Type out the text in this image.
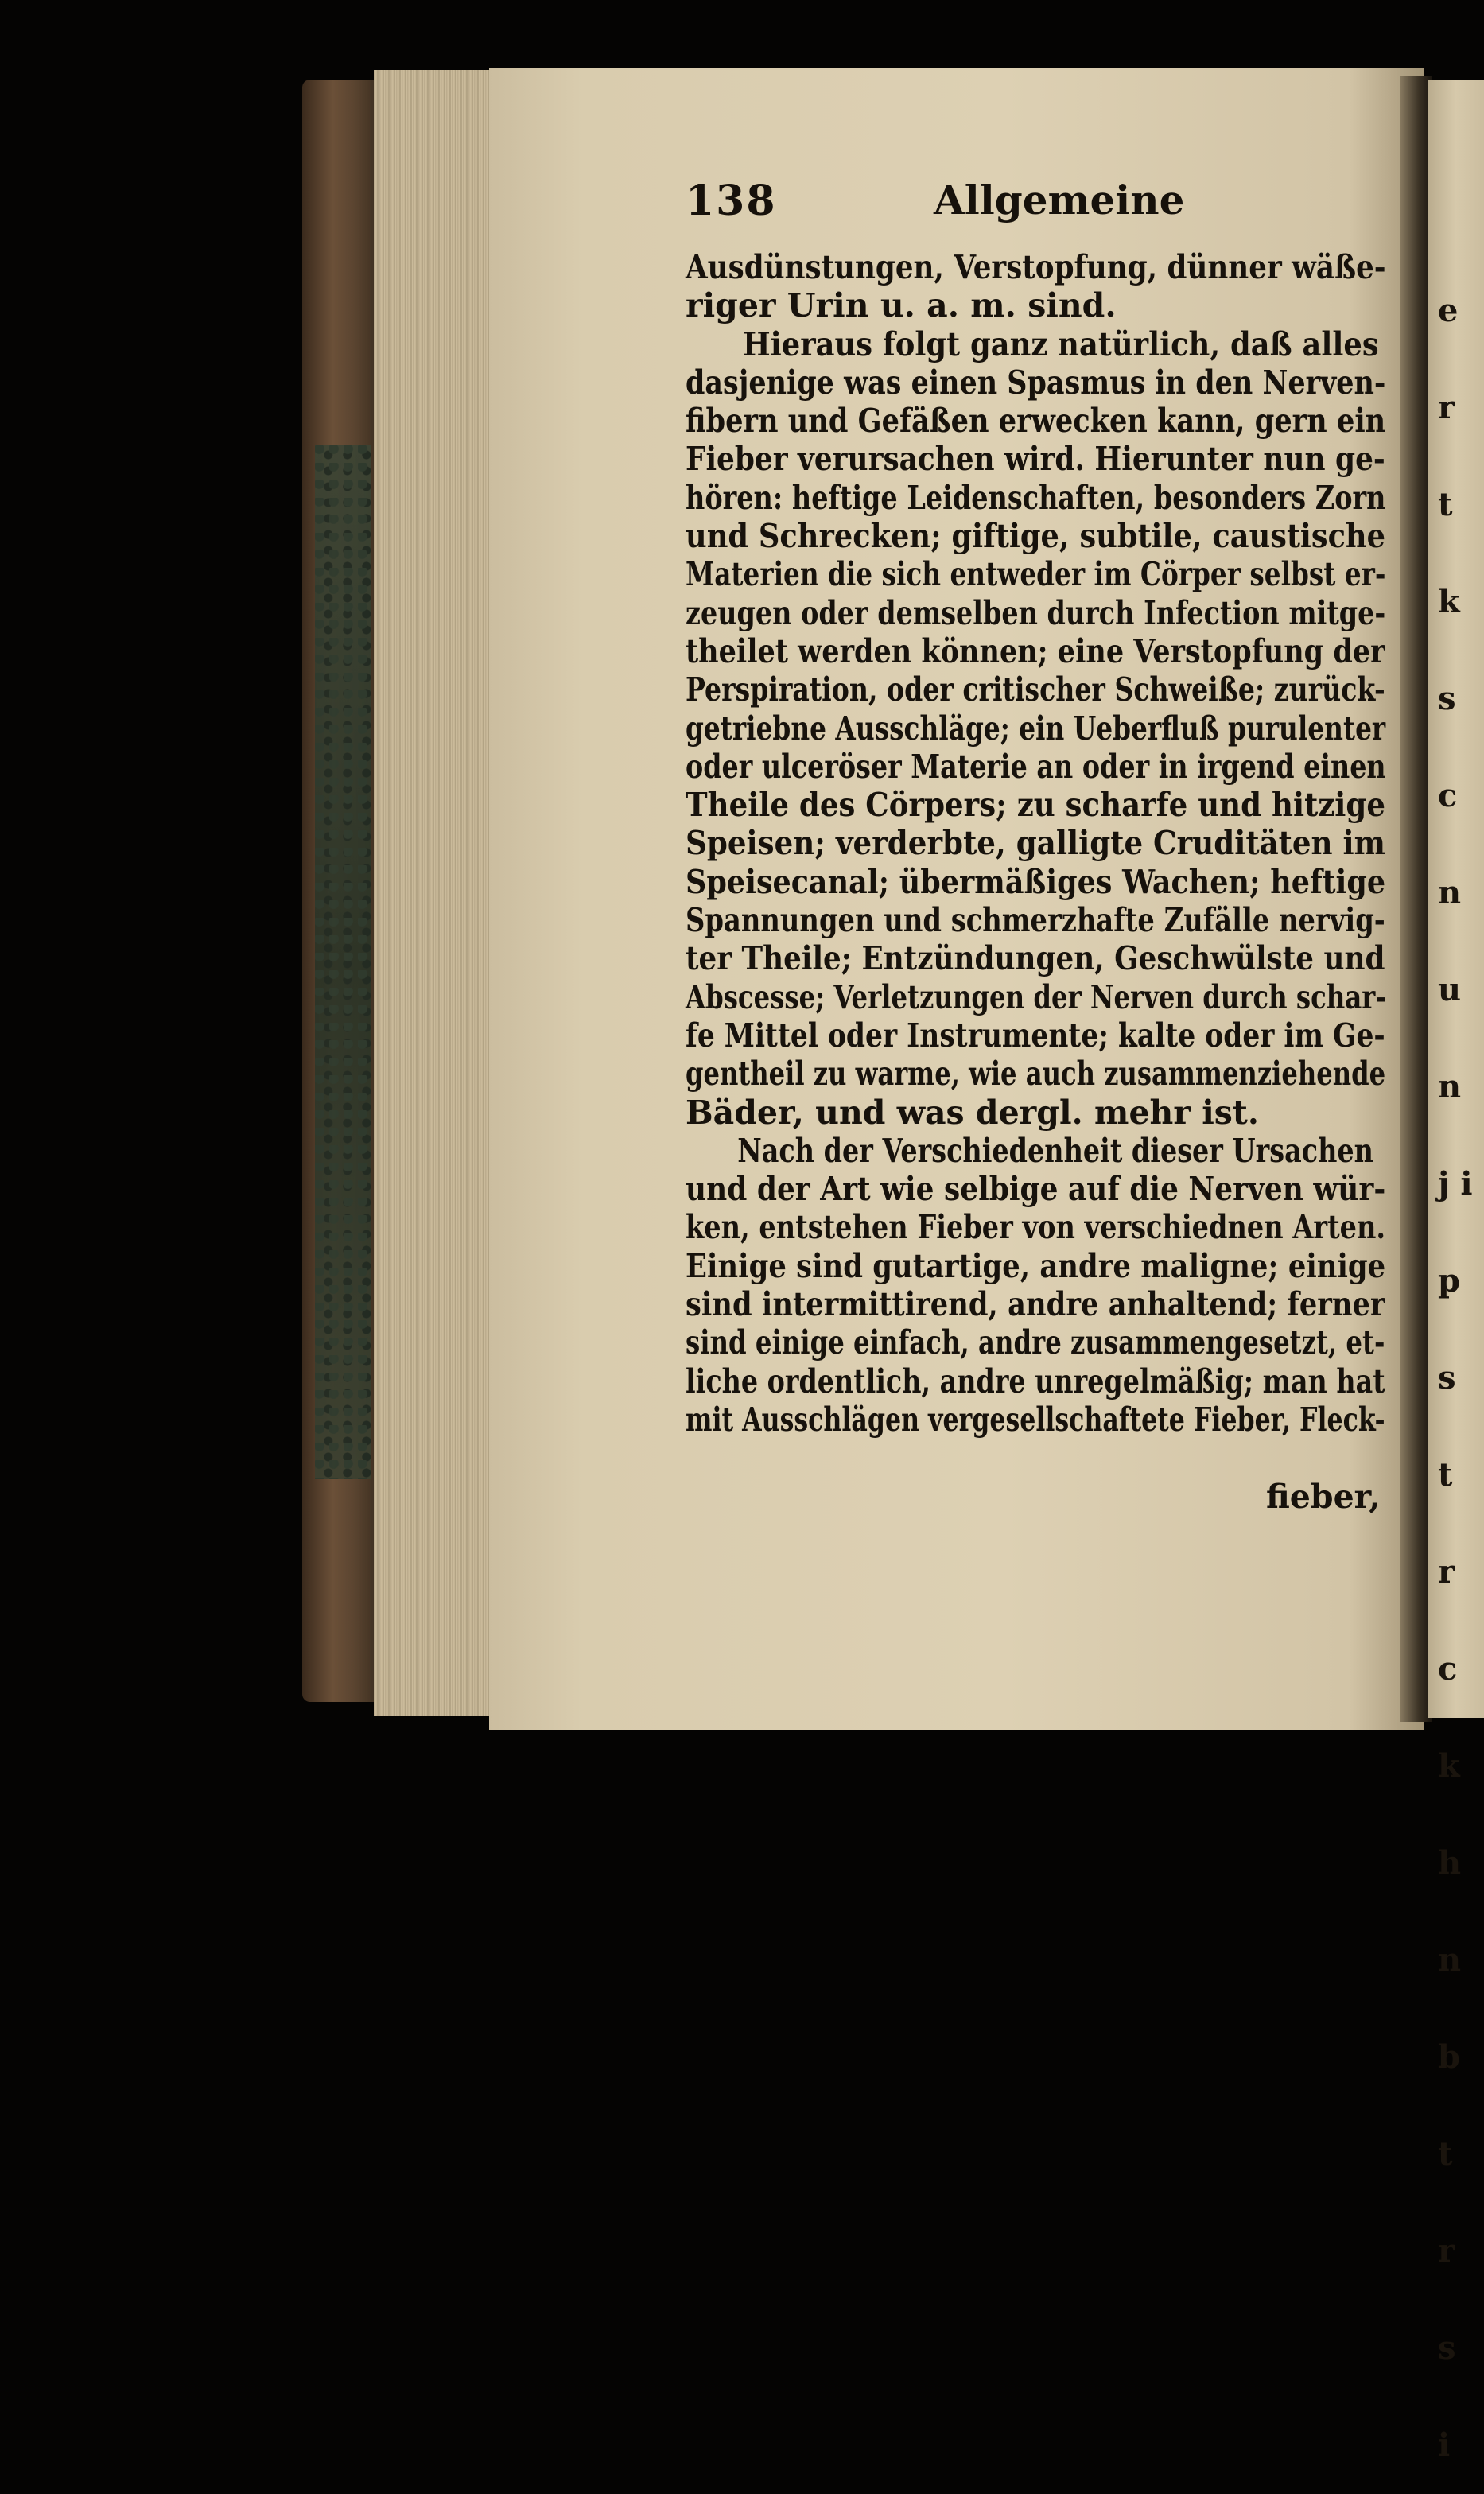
e r t k s c n u n j i p s t r c k h n b t r s i
138	Allgemeine
Ausdünstungen, Verstopfung, dünner wäße-
riger Urin u. a. m. sind.
Hieraus folgt ganz natürlich, daß alles
dasjenige was einen Spasmus in den Nerven-
fibern und Gefäßen erwecken kann, gern ein
Fieber verursachen wird. Hierunter nun ge-
hören: heftige Leidenschaften, besonders Zorn
und Schrecken; giftige, subtile, caustische
Materien die sich entweder im Cörper selbst er-
zeugen oder demselben durch Infection mitge-
theilet werden können; eine Verstopfung der
Perspiration, oder critischer Schweiße; zurück-
getriebne Ausschläge; ein Ueberfluß purulenter
oder ulceröser Materie an oder in irgend einen
Theile des Cörpers; zu scharfe und hitzige
Speisen; verderbte, galligte Cruditäten im
Speisecanal; übermäßiges Wachen; heftige
Spannungen und schmerzhafte Zufälle nervig-
ter Theile; Entzündungen, Geschwülste und
Abscesse; Verletzungen der Nerven durch schar-
fe Mittel oder Instrumente; kalte oder im Ge-
gentheil zu warme, wie auch zusammenziehende
Bäder, und was dergl. mehr ist.
Nach der Verschiedenheit dieser Ursachen
und der Art wie selbige auf die Nerven wür-
ken, entstehen Fieber von verschiednen Arten.
Einige sind gutartige, andre maligne; einige
sind intermittirend, andre anhaltend; ferner
sind einige einfach, andre zusammengesetzt, et-
liche ordentlich, andre unregelmäßig; man hat
mit Ausschlägen vergesellschaftete Fieber, Fleck-
fieber,
